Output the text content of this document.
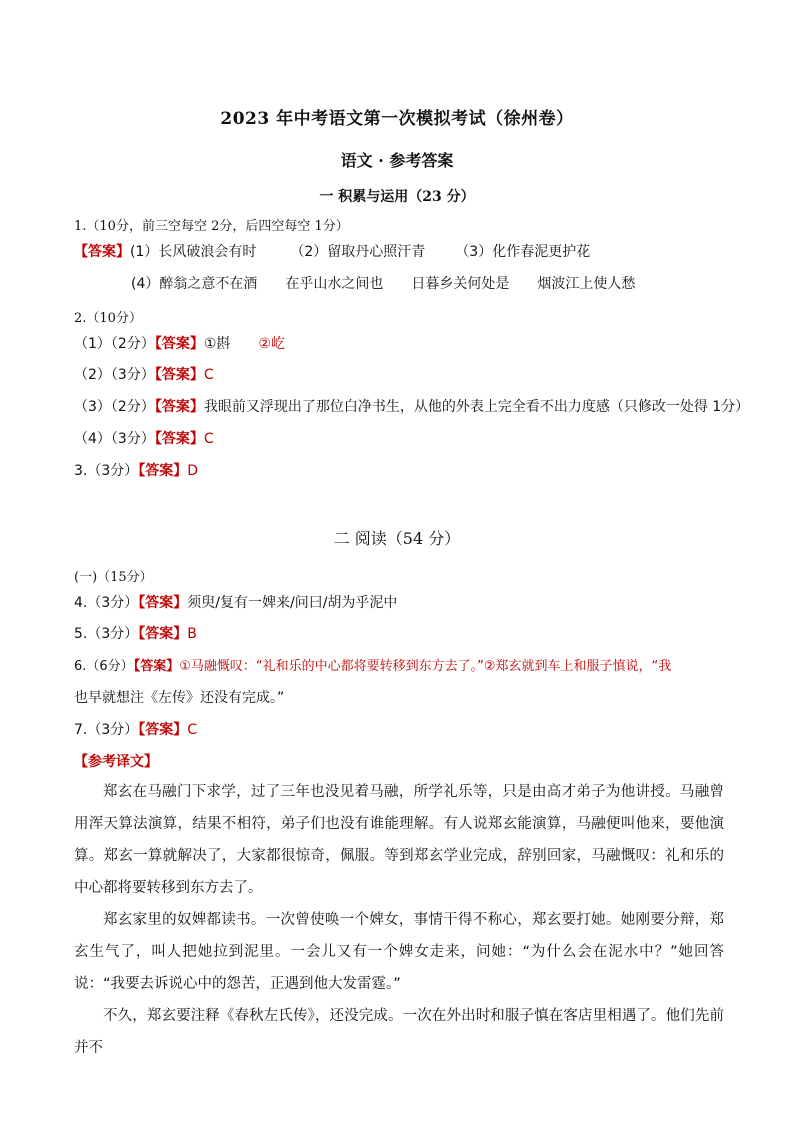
2023 年中考语文第一次模拟考试（徐州卷）
语文 · 参考答案
一 积累与运用（23 分）
1.（10分，前三空每空 2分，后四空每空 1分）
【答案】(1）长风破浪会有时 （2）留取丹心照汗青 （3）化作春泥更护花
(4）醉翁之意不在酒 在乎山水之间也 日暮乡关何处是 烟波江上使人愁
2.（10分）
（1）（2分）【答案】①斟 ②屹
（2）（3分）【答案】C
（3）（2分）【答案】我眼前又浮现出了那位白净书生，从他的外表上完全看不出力度感（只修改一处得 1分）
（4）（3分）【答案】C
3.（3分）【答案】D
二 阅读（54 分）
(一)（15分）
4.（3分）【答案】须臾/复有一婢来/问曰/胡为乎泥中
5.（3分）【答案】B
6.（6分）【答案】①马融慨叹：“礼和乐的中心都将要转移到东方去了。”②郑玄就到车上和服子慎说，“我
也早就想注《左传》还没有完成。”
7.（3分）【答案】C
【参考译文】

郑玄在马融门下求学，过了三年也没见着马融，所学礼乐等，只是由高才弟子为他讲授。马融曾用浑天算法演算，结果不相符，弟子们也没有谁能理解。有人说郑玄能演算，马融便叫他来，要他演算。郑玄一算就解决了，大家都很惊奇，佩服。等到郑玄学业完成，辞别回家，马融慨叹：礼和乐的中心都将要转移到东方去了。

郑玄家里的奴婢都读书。一次曾使唤一个婢女，事情干得不称心，郑玄要打她。她刚要分辩，郑玄生气了，叫人把她拉到泥里。一会儿又有一个婢女走来，问她：“为什么会在泥水中？”她回答说：“我要去诉说心中的怨苦，正遇到他大发雷霆。”

不久，郑玄要注释《春秋左氏传》，还没完成。一次在外出时和服子慎在客店里相遇了。他们先前并不
